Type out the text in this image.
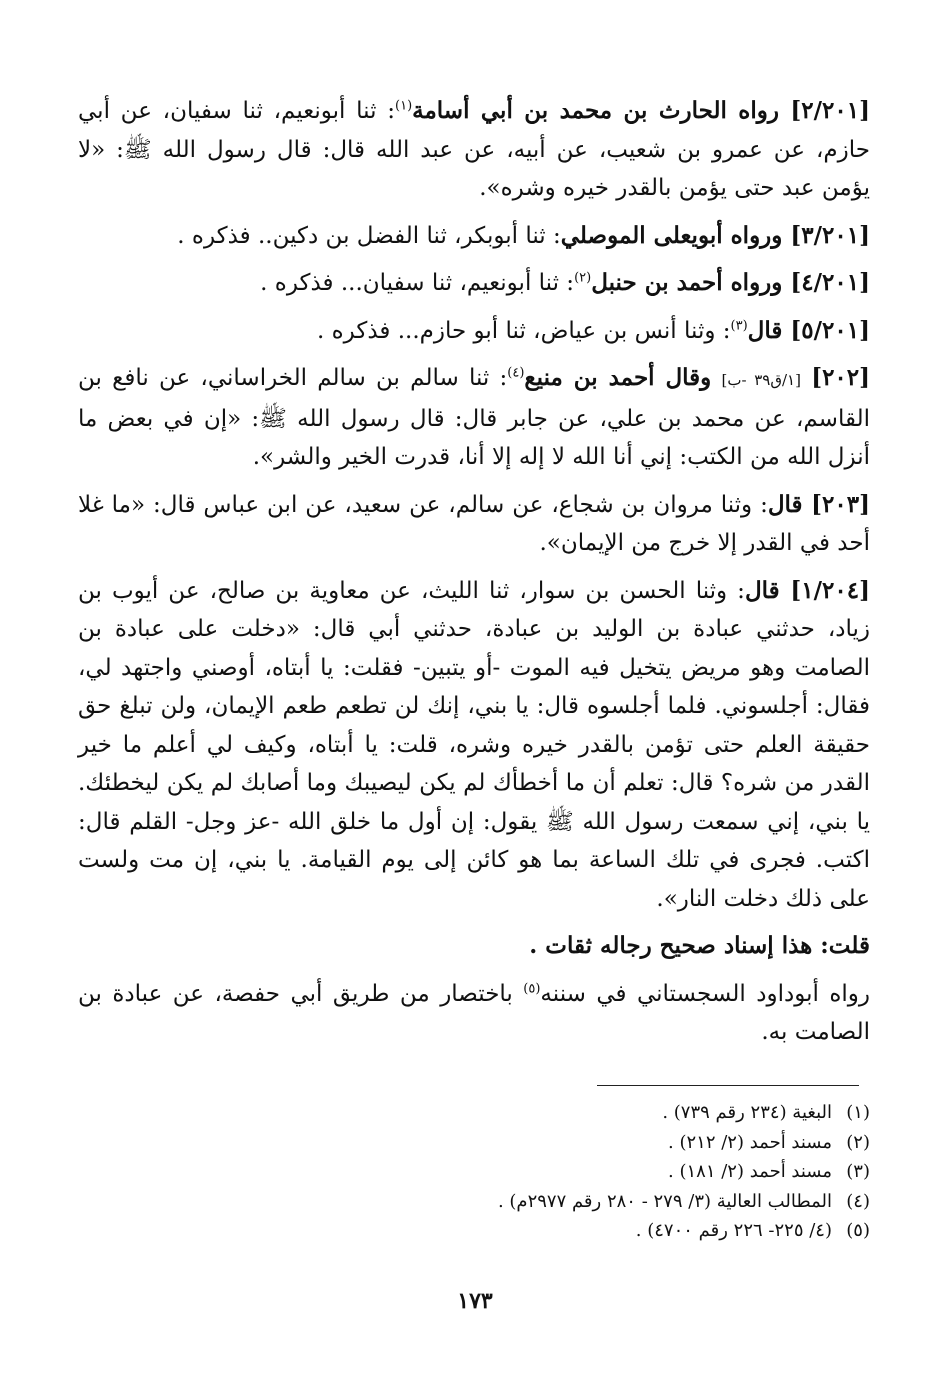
[٢/٢٠١] رواه الحارث بن محمد بن أبي أسامة$^{(١)}$: ثنا أبونعيم، ثنا سفيان، عن أبي حازم، عن عمرو بن شعيب، عن أبيه، عن عبد الله قال: قال رسول الله ﷺ: «لا يؤمن عبد حتى يؤمن بالقدر خيره وشره».

[٣/٢٠١] ورواه أبويعلى الموصلي: ثنا أبوبكر، ثنا الفضل بن دكين.. فذكره .

[٤/٢٠١] ورواه أحمد بن حنبل$^{(٢)}$: ثنا أبونعيم، ثنا سفيان... فذكره .

[٥/٢٠١] قال$^{(٣)}$: وثنا أنس بن عياض، ثنا أبو حازم... فذكره .

[٢٠٢] [١/ق٣٩ -ب] وقال أحمد بن منيع$^{(٤)}$: ثنا سالم بن سالم الخراساني، عن نافع بن القاسم، عن محمد بن علي، عن جابر قال: قال رسول الله ﷺ: «إن في بعض ما أنزل الله من الكتب: إني أنا الله لا إله إلا أنا، قدرت الخير والشر».

[٢٠٣] قال: وثنا مروان بن شجاع، عن سالم، عن سعيد، عن ابن عباس قال: «ما غلا أحد في القدر إلا خرج من الإيمان».

[١/٢٠٤] قال: وثنا الحسن بن سوار، ثنا الليث، عن معاوية بن صالح، عن أيوب بن زياد، حدثني عبادة بن الوليد بن عبادة، حدثني أبي قال: «دخلت على عبادة بن الصامت وهو مريض يتخيل فيه الموت -أو يتبين- فقلت: يا أبتاه، أوصني واجتهد لي، فقال: أجلسوني. فلما أجلسوه قال: يا بني، إنك لن تطعم طعم الإيمان، ولن تبلغ حق حقيقة العلم حتى تؤمن بالقدر خيره وشره، قلت: يا أبتاه، وكيف لي أعلم ما خير القدر من شره؟ قال: تعلم أن ما أخطأك لم يكن ليصيبك وما أصابك لم يكن ليخطئك. يا بني، إني سمعت رسول الله ﷺ يقول: إن أول ما خلق الله -عز وجل- القلم قال: اكتب. فجرى في تلك الساعة بما هو كائن إلى يوم القيامة. يا بني، إن مت ولست على ذلك دخلت النار».

قلت: هذا إسناد صحيح رجاله ثقات .

رواه أبوداود السجستاني في سننه$^{(٥)}$ باختصار من طريق أبي حفصة، عن عبادة بن الصامت به.

(١)البغية (٢٣٤ رقم ٧٣٩) .
(٢)مسند أحمد (٢/ ٢١٢) .
(٣)مسند أحمد (٢/ ١٨١) .
(٤)المطالب العالية (٣/ ٢٧٩ - ٢٨٠ رقم ٢٩٧٧م) .
(٥)(٤/ ٢٢٥- ٢٢٦ رقم ٤٧٠٠) .
١٧٣
